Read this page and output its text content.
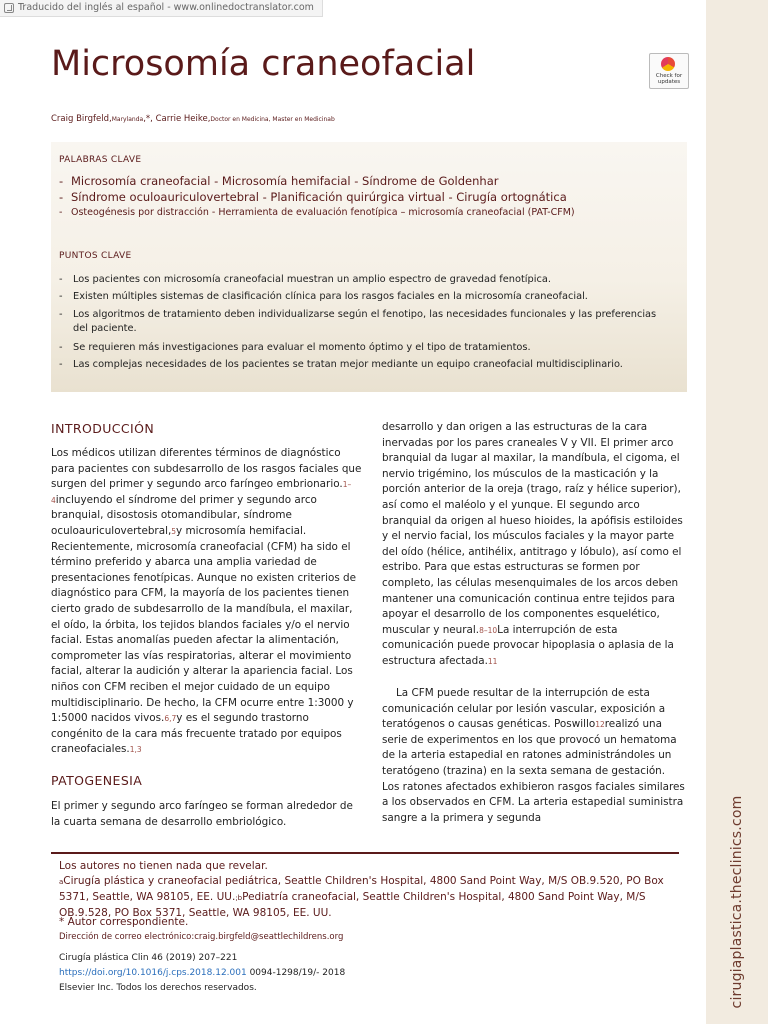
Traducido del inglés al español - www.onlinedoctranslator.com
cirugiaplastica.theclinics.com
Microsomía craneofacial	Check for updates
Craig Birgfeld,Marylanda,*, Carrie Heike,Doctor en Medicina, Master en Medicinab
PALABRAS CLAVE
- Microsomía craneofacial - Microsomía hemifacial - Síndrome de Goldenhar
- Síndrome oculoauriculovertebral - Planificación quirúrgica virtual - Cirugía ortognática
- Osteogénesis por distracción - Herramienta de evaluación fenotípica – microsomía craneofacial (PAT-CFM)
PUNTOS CLAVE
-	Los pacientes con microsomía craneofacial muestran un amplio espectro de gravedad fenotípica.
-	Existen múltiples sistemas de clasificación clínica para los rasgos faciales en la microsomía craneofacial.
-	Los algoritmos de tratamiento deben individualizarse según el fenotipo, las necesidades funcionales y las preferencias del paciente.
-	Se requieren más investigaciones para evaluar el momento óptimo y el tipo de tratamientos.
-	Las complejas necesidades de los pacientes se tratan mejor mediante un equipo craneofacial multidisciplinario.
INTRODUCCIÓN

Los médicos utilizan diferentes términos de diagnóstico para pacientes con subdesarrollo de los rasgos faciales que surgen del primer y segundo arco faríngeo embrionario.1–4incluyendo el síndrome del primer y segundo arco branquial, disostosis otomandibular, síndrome oculoauriculovertebral,5y microsomía hemifacial. Recientemente, microsomía craneofacial (CFM) ha sido el término preferido y abarca una amplia variedad de presentaciones fenotípicas. Aunque no existen criterios de diagnóstico para CFM, la mayoría de los pacientes tienen cierto grado de subdesarrollo de la mandíbula, el maxilar, el oído, la órbita, los tejidos blandos faciales y/o el nervio facial. Estas anomalías pueden afectar la alimentación, comprometer las vías respiratorias, alterar el movimiento facial, alterar la audición y alterar la apariencia facial. Los niños con CFM reciben el mejor cuidado de un equipo multidisciplinario. De hecho, la CFM ocurre entre 1:3000 y 1:5000 nacidos vivos.6,7y es el segundo trastorno congénito de la cara más frecuente tratado por equipos craneofaciales.1,3

PATOGENESIA

El primer y segundo arco faríngeo se forman alrededor de la cuarta semana de desarrollo embriológico.

desarrollo y dan origen a las estructuras de la cara inervadas por los pares craneales V y VII. El primer arco branquial da lugar al maxilar, la mandíbula, el cigoma, el nervio trigémino, los músculos de la masticación y la porción anterior de la oreja (trago, raíz y hélice superior), así como el maléolo y el yunque. El segundo arco branquial da origen al hueso hioides, la apófisis estiloides y el nervio facial, los músculos faciales y la mayor parte del oído (hélice, antihélix, antitrago y lóbulo), así como el estribo. Para que estas estructuras se formen por completo, las células mesenquimales de los arcos deben mantener una comunicación continua entre tejidos para apoyar el desarrollo de los componentes esquelético, muscular y neural.8–10La interrupción de esta comunicación puede provocar hipoplasia o aplasia de la estructura afectada.11

La CFM puede resultar de la interrupción de esta comunicación celular por lesión vascular, exposición a teratógenos o causas genéticas. Poswillo12realizó una serie de experimentos en los que provocó un hematoma de la arteria estapedial en ratones administrándoles un teratógeno (trazina) en la sexta semana de gestación. Los ratones afectados exhibieron rasgos faciales similares a los observados en CFM. La arteria estapedial suministra sangre a la primera y segunda

Los autores no tienen nada que revelar.
aCirugía plástica y craneofacial pediátrica, Seattle Children's Hospital, 4800 Sand Point Way, M/S OB.9.520, PO Box 5371, Seattle, WA 98105, EE. UU.;bPediatría craneofacial, Seattle Children's Hospital, 4800 Sand Point Way, M/S OB.9.528, PO Box 5371, Seattle, WA 98105, EE. UU.
* Autor correspondiente.
Dirección de correo electrónico:craig.birgfeld@seattlechildrens.org
Cirugía plástica Clin 46 (2019) 207–221 https://doi.org/10.1016/j.cps.2018.12.001 0094-1298/19/- 2018 Elsevier Inc. Todos los derechos reservados.
